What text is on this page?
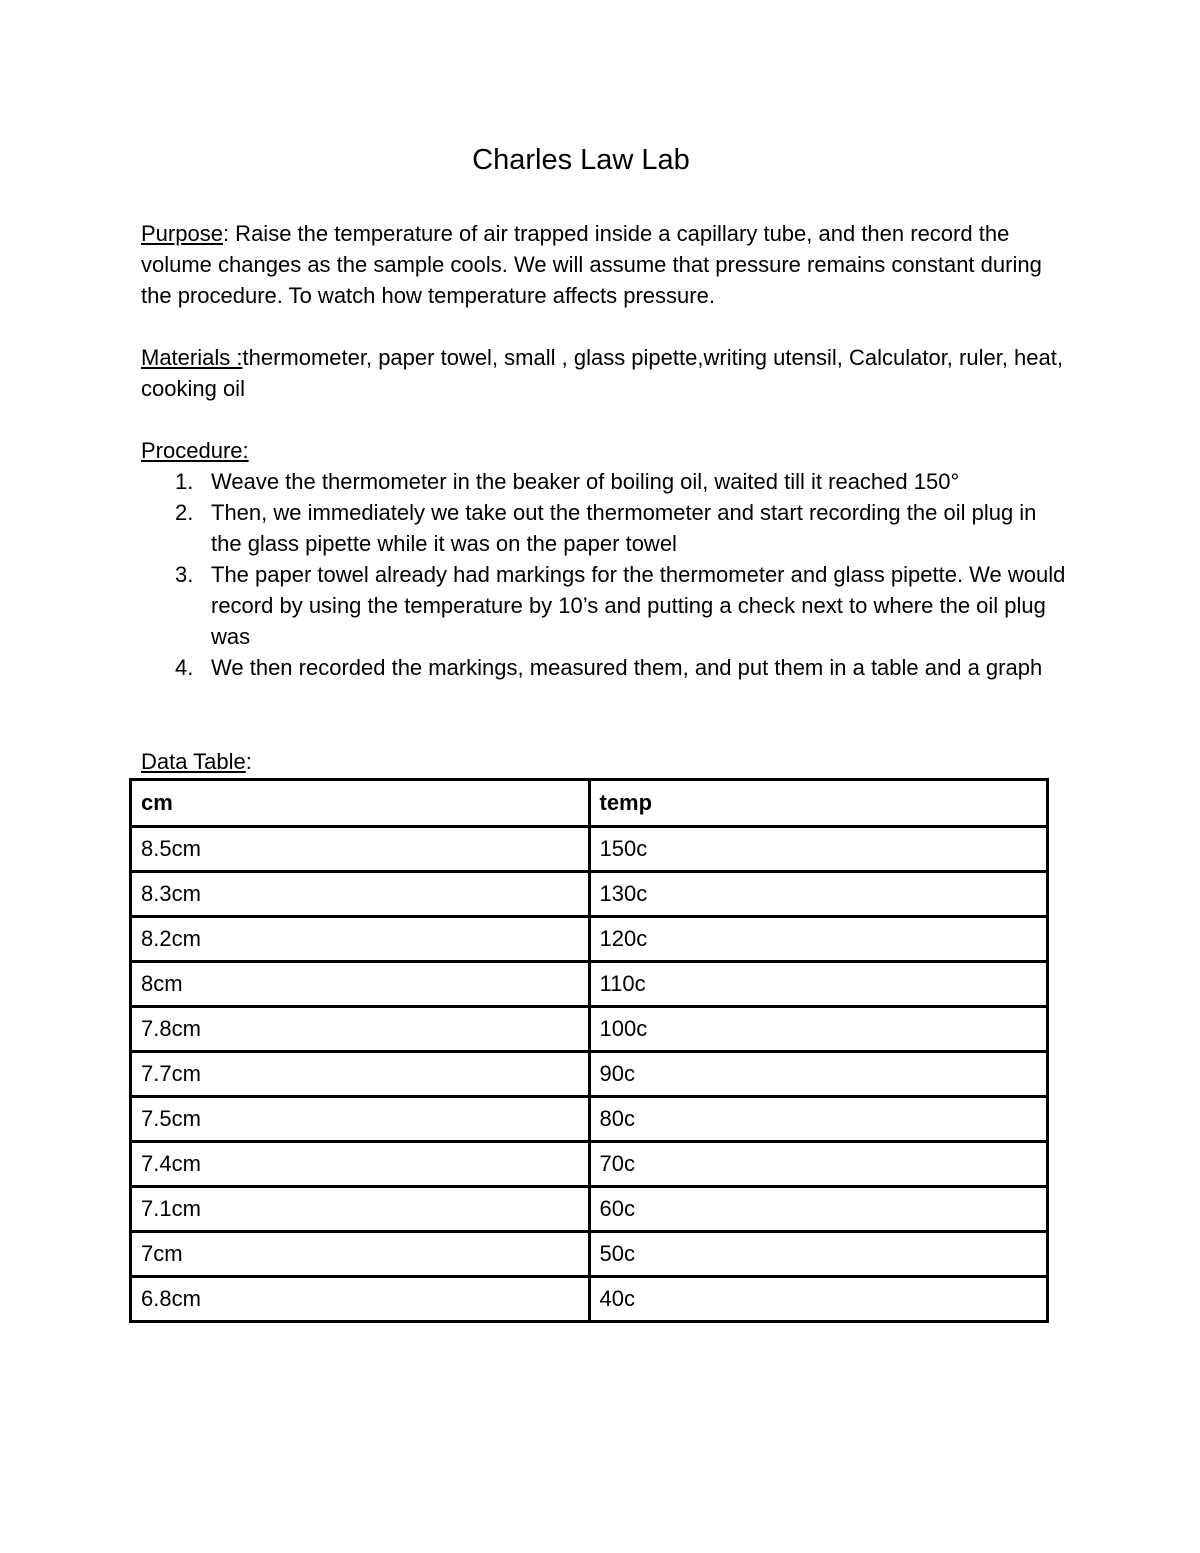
Charles Law Lab
Purpose: Raise the temperature of air trapped inside a capillary tube, and then record the volume changes as the sample cools. We will assume that pressure remains constant during the procedure. To watch how temperature affects pressure.
Materials :thermometer, paper towel, small , glass pipette,writing utensil, Calculator, ruler, heat, cooking oil
Procedure:
1. Weave the thermometer in the beaker of boiling oil, waited till it reached 150°
2. Then, we immediately we take out the thermometer and start recording the oil plug in the glass pipette while it was on the paper towel
3. The paper towel already had markings for the thermometer and glass pipette. We would record by using the temperature by 10’s and putting a check next to where the oil plug was
4. We then recorded the markings, measured them, and put them in a table and a graph
Data Table:
cm	temp
8.5cm	150c
8.3cm	130c
8.2cm	120c
8cm	110c
7.8cm	100c
7.7cm	90c
7.5cm	80c
7.4cm	70c
7.1cm	60c
7cm	50c
6.8cm	40c
